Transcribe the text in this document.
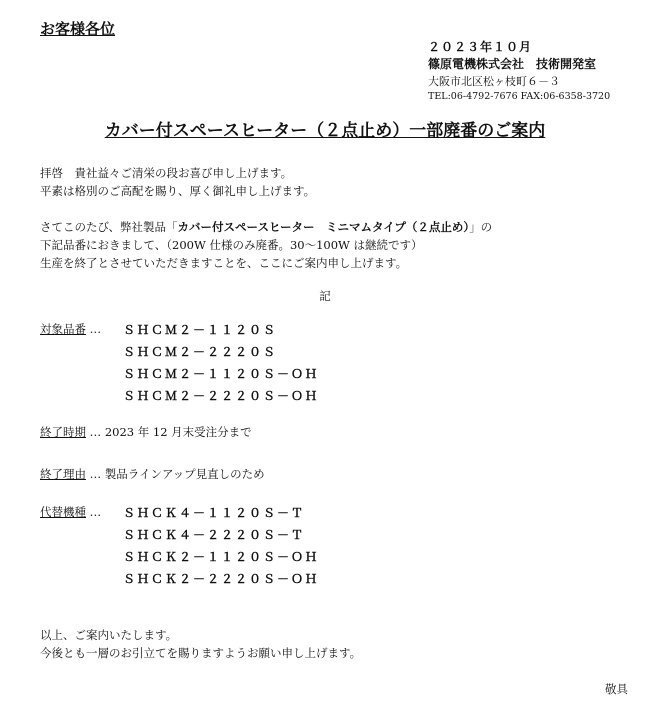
お客様各位
２０２３年１０月
篠原電機株式会社　技術開発室
大阪市北区松ヶ枝町６－３
TEL:06-4792-7676 FAX:06-6358-3720
カバー付スペースヒーター（２点止め）一部廃番のご案内
拝啓　貴社益々ご清栄の段お喜び申し上げます。
平素は格別のご高配を賜り、厚く御礼申し上げます。
さてこのたび、弊社製品「カバー付スペースヒーター　ミニマムタイプ（２点止め）」の
下記品番におきまして、（200W 仕様のみ廃番。30～100W は継続です）
生産を終了とさせていただきますことを、ここにご案内申し上げます。
記
対象品番 … ＳＨＣＭ２－１１２０Ｓ
ＳＨＣＭ２－２２２０Ｓ
ＳＨＣＭ２－１１２０Ｓ－ＯＨ
ＳＨＣＭ２－２２２０Ｓ－ＯＨ
終了時期 … 2023 年 12 月末受注分まで
終了理由 … 製品ラインアップ見直しのため
代替機種 … ＳＨＣＫ４－１１２０Ｓ－Ｔ
ＳＨＣＫ４－２２２０Ｓ－Ｔ
ＳＨＣＫ２－１１２０Ｓ－ＯＨ
ＳＨＣＫ２－２２２０Ｓ－ＯＨ
以上、ご案内いたします。
今後とも一層のお引立てを賜りますようお願い申し上げます。
敬具
